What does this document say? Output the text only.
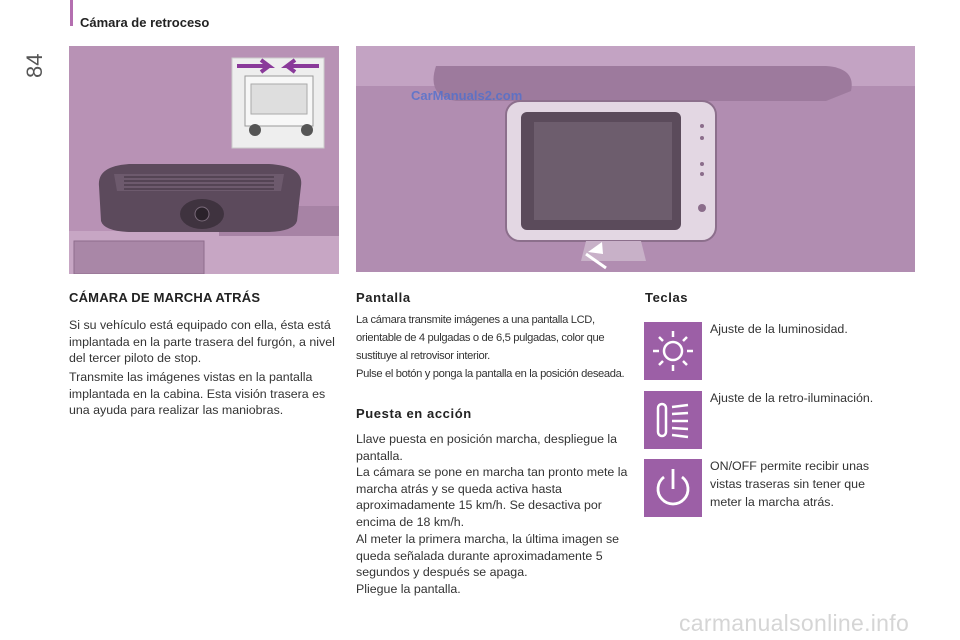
84
Cámara de retroceso
CarManuals2.com
CÁMARA DE MARCHA ATRÁS

Si su vehículo está equipado con ella, ésta está implantada en la parte trasera del furgón, a nivel del tercer piloto de stop.

Transmite las imágenes vistas en la pantalla implantada en la cabina. Esta visión trasera es una ayuda para realizar las maniobras.

Pantalla

La cámara transmite imágenes a una pantalla LCD, orientable de 4 pulgadas o de 6,5 pulgadas, color que sustituye al retrovisor interior.

Pulse el botón y ponga la pantalla en la posición deseada.

Puesta en acción

Llave puesta en posición marcha, despliegue la pantalla.

La cámara se pone en marcha tan pronto mete la marcha atrás y se queda activa hasta aproximadamente 15 km/h. Se desactiva por encima de 18 km/h.

Al meter la primera marcha, la última imagen se queda señalada durante aproximadamente 5 segundos y después se apaga.

Pliegue la pantalla.

Teclas
Ajuste de la luminosidad.
Ajuste de la retro-iluminación.
ON/OFF permite recibir unas vistas traseras sin tener que meter la marcha atrás.
carmanualsonline.info
